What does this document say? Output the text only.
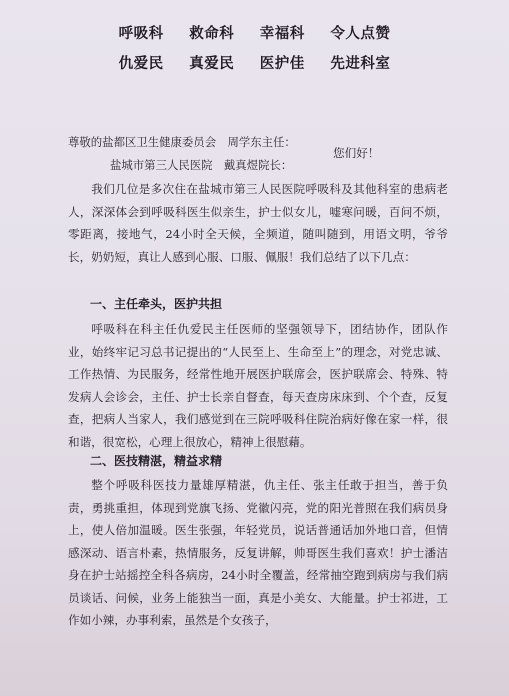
呼吸科 救命科 幸福科 令人点赞
仇爱民 真爱民 医护佳 先进科室
尊敬的盐都区卫生健康委员会　周学东主任：
盐城市第三人民医院　戴真煜院长：
您们好！

我们几位是多次住在盐城市第三人民医院呼吸科及其他科室的患病老人，深深体会到呼吸科医生似亲生，护士似女儿，嘘寒问暖，百问不烦，零距离，接地气，24小时全天候，全频道，随叫随到，用语文明，爷爷长，奶奶短，真让人感到心服、口服、佩服！我们总结了以下几点：

一、主任牵头，医护共担

呼吸科在科主任仇爱民主任医师的坚强领导下，团结协作，团队作业，始终牢记习总书记提出的“人民至上、生命至上”的理念，对党忠诚、工作热情、为民服务，经常性地开展医护联席会，医护联席会、特殊、特发病人会诊会，主任、护士长亲自督查，每天查房床床到、个个查，反复查，把病人当家人，我们感觉到在三院呼吸科住院治病好像在家一样，很和谐，很宽松，心理上很放心，精神上很慰藉。

二、医技精湛，精益求精

整个呼吸科医技力量雄厚精湛，仇主任、张主任敢于担当，善于负责，勇挑重担，体现到党旗飞扬、党徽闪亮，党的阳光普照在我们病员身上，使人倍加温暖。医生张强，年轻党员，说话普通话加外地口音，但情感深动、语言朴素，热情服务，反复讲解，帅哥医生我们喜欢！护士潘洁身在护士站摇控全科各病房，24小时全覆盖，经常抽空跑到病房与我们病员谈话、问候，业务上能独当一面，真是小美女、大能量。护士祁进，工作如小辣，办事利索，虽然是个女孩子，
